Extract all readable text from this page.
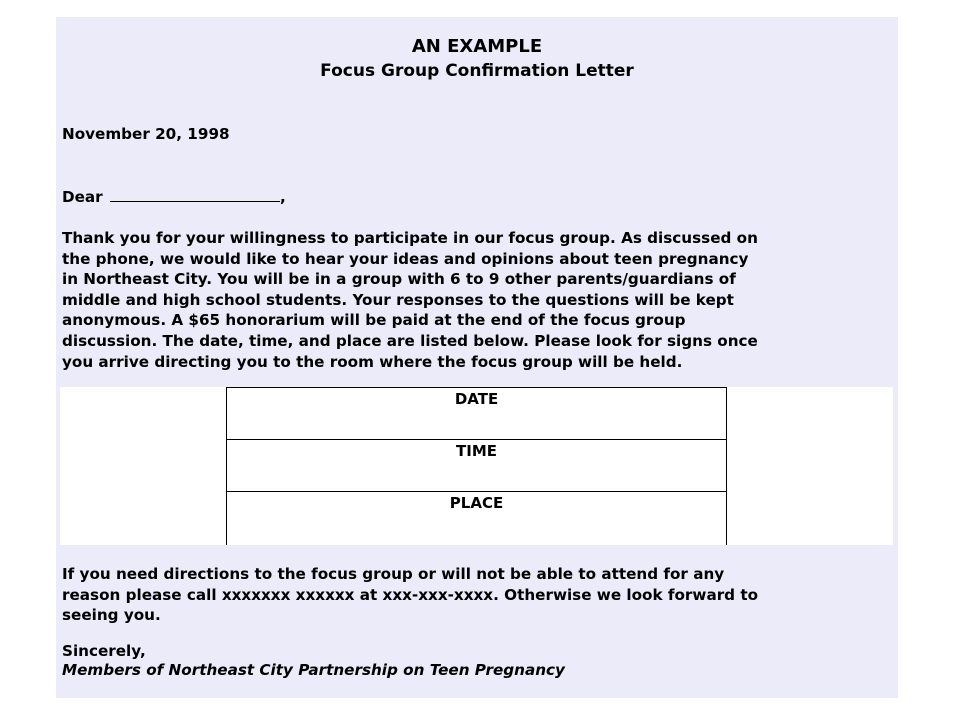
AN EXAMPLE

Focus Group Confirmation Letter

November 20, 1998

Dear	,

Thank you for your willingness to participate in our focus group. As discussed on
the phone, we would like to hear your ideas and opinions about teen pregnancy
in Northeast City. You will be in a group with 6 to 9 other parents/guardians of
middle and high school students. Your responses to the questions will be kept
anonymous. A $65 honorarium will be paid at the end of the focus group
discussion. The date, time, and place are listed below. Please look for signs once
you arrive directing you to the room where the focus group will be held.
DATE
TIME
PLACE
If you need directions to the focus group or will not be able to attend for any
reason please call xxxxxxx xxxxxx at xxx-xxx-xxxx. Otherwise we look forward to
seeing you.

Sincerely,

Members of Northeast City Partnership on Teen Pregnancy
